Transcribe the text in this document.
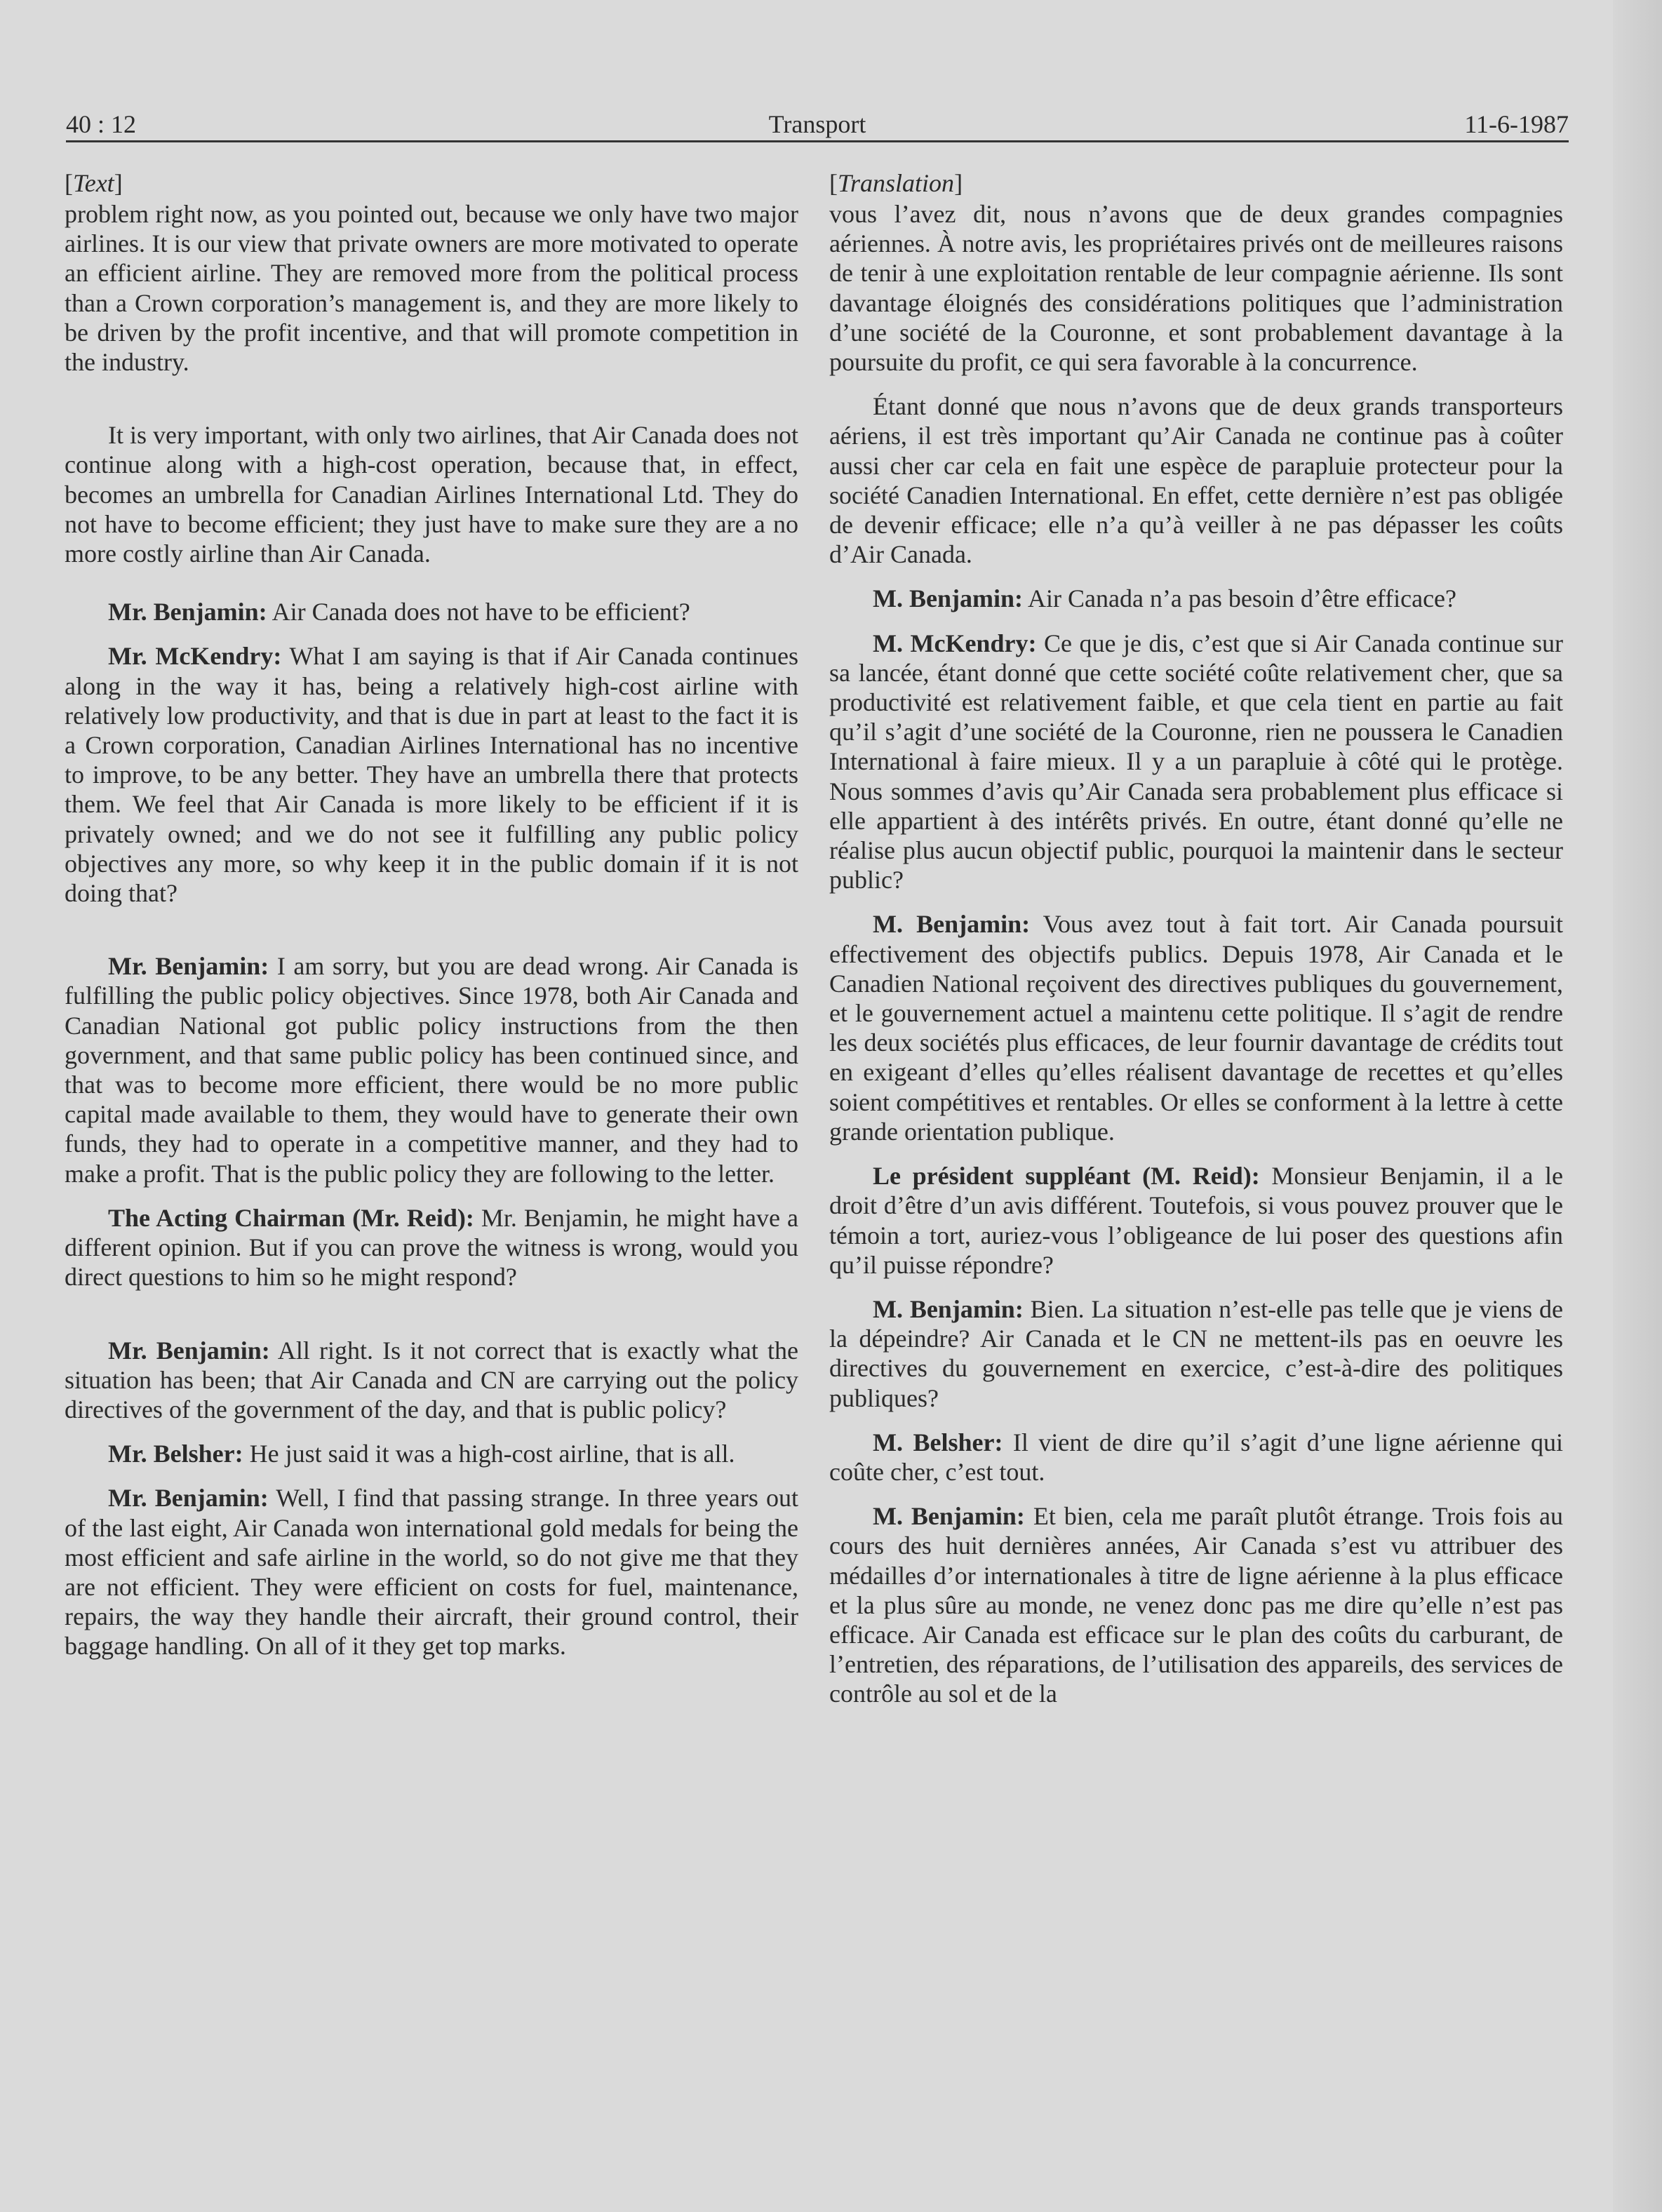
40 : 12	Transport	11-6-1987
[Text]

problem right now, as you pointed out, because we only have two major airlines. It is our view that private owners are more motivated to operate an efficient airline. They are removed more from the political process than a Crown corporation’s management is, and they are more likely to be driven by the profit incentive, and that will promote competition in the industry.

It is very important, with only two airlines, that Air Canada does not continue along with a high-cost operation, because that, in effect, becomes an umbrella for Canadian Airlines International Ltd. They do not have to become efficient; they just have to make sure they are a no more costly airline than Air Canada.

Mr. Benjamin: Air Canada does not have to be efficient?

Mr. McKendry: What I am saying is that if Air Canada continues along in the way it has, being a relatively high-cost airline with relatively low productivity, and that is due in part at least to the fact it is a Crown corporation, Canadian Airlines International has no incentive to improve, to be any better. They have an umbrella there that protects them. We feel that Air Canada is more likely to be efficient if it is privately owned; and we do not see it fulfilling any public policy objectives any more, so why keep it in the public domain if it is not doing that?

Mr. Benjamin: I am sorry, but you are dead wrong. Air Canada is fulfilling the public policy objectives. Since 1978, both Air Canada and Canadian National got public policy instructions from the then government, and that same public policy has been continued since, and that was to become more efficient, there would be no more public capital made available to them, they would have to generate their own funds, they had to operate in a competitive manner, and they had to make a profit. That is the public policy they are following to the letter.

The Acting Chairman (Mr. Reid): Mr. Benjamin, he might have a different opinion. But if you can prove the witness is wrong, would you direct questions to him so he might respond?

Mr. Benjamin: All right. Is it not correct that is exactly what the situation has been; that Air Canada and CN are carrying out the policy directives of the government of the day, and that is public policy?

Mr. Belsher: He just said it was a high-cost airline, that is all.

Mr. Benjamin: Well, I find that passing strange. In three years out of the last eight, Air Canada won international gold medals for being the most efficient and safe airline in the world, so do not give me that they are not efficient. They were efficient on costs for fuel, maintenance, repairs, the way they handle their aircraft, their ground control, their baggage handling. On all of it they get top marks.

[Translation]

vous l’avez dit, nous n’avons que de deux grandes compagnies aériennes. À notre avis, les propriétaires privés ont de meilleures raisons de tenir à une exploitation rentable de leur compagnie aérienne. Ils sont davantage éloignés des considérations politiques que l’administration d’une société de la Couronne, et sont probablement davantage à la poursuite du profit, ce qui sera favorable à la concurrence.

Étant donné que nous n’avons que de deux grands transporteurs aériens, il est très important qu’Air Canada ne continue pas à coûter aussi cher car cela en fait une espèce de parapluie protecteur pour la société Canadien International. En effet, cette dernière n’est pas obligée de devenir efficace; elle n’a qu’à veiller à ne pas dépasser les coûts d’Air Canada.

M. Benjamin: Air Canada n’a pas besoin d’être efficace?

M. McKendry: Ce que je dis, c’est que si Air Canada continue sur sa lancée, étant donné que cette société coûte relativement cher, que sa productivité est relativement faible, et que cela tient en partie au fait qu’il s’agit d’une société de la Couronne, rien ne poussera le Canadien International à faire mieux. Il y a un parapluie à côté qui le protège. Nous sommes d’avis qu’Air Canada sera probablement plus efficace si elle appartient à des intérêts privés. En outre, étant donné qu’elle ne réalise plus aucun objectif public, pourquoi la maintenir dans le secteur public?

M. Benjamin: Vous avez tout à fait tort. Air Canada poursuit effectivement des objectifs publics. Depuis 1978, Air Canada et le Canadien National reçoivent des directives publiques du gouvernement, et le gouvernement actuel a maintenu cette politique. Il s’agit de rendre les deux sociétés plus efficaces, de leur fournir davantage de crédits tout en exigeant d’elles qu’elles réalisent davantage de recettes et qu’elles soient compétitives et rentables. Or elles se conforment à la lettre à cette grande orientation publique.

Le président suppléant (M. Reid): Monsieur Benjamin, il a le droit d’être d’un avis différent. Toutefois, si vous pouvez prouver que le témoin a tort, auriez-vous l’obligeance de lui poser des questions afin qu’il puisse répondre?

M. Benjamin: Bien. La situation n’est-elle pas telle que je viens de la dépeindre? Air Canada et le CN ne mettent-ils pas en oeuvre les directives du gouvernement en exercice, c’est-à-dire des politiques publiques?

M. Belsher: Il vient de dire qu’il s’agit d’une ligne aérienne qui coûte cher, c’est tout.

M. Benjamin: Et bien, cela me paraît plutôt étrange. Trois fois au cours des huit dernières années, Air Canada s’est vu attribuer des médailles d’or internationales à titre de ligne aérienne à la plus efficace et la plus sûre au monde, ne venez donc pas me dire qu’elle n’est pas efficace. Air Canada est efficace sur le plan des coûts du carburant, de l’entretien, des réparations, de l’utilisation des appareils, des services de contrôle au sol et de la
